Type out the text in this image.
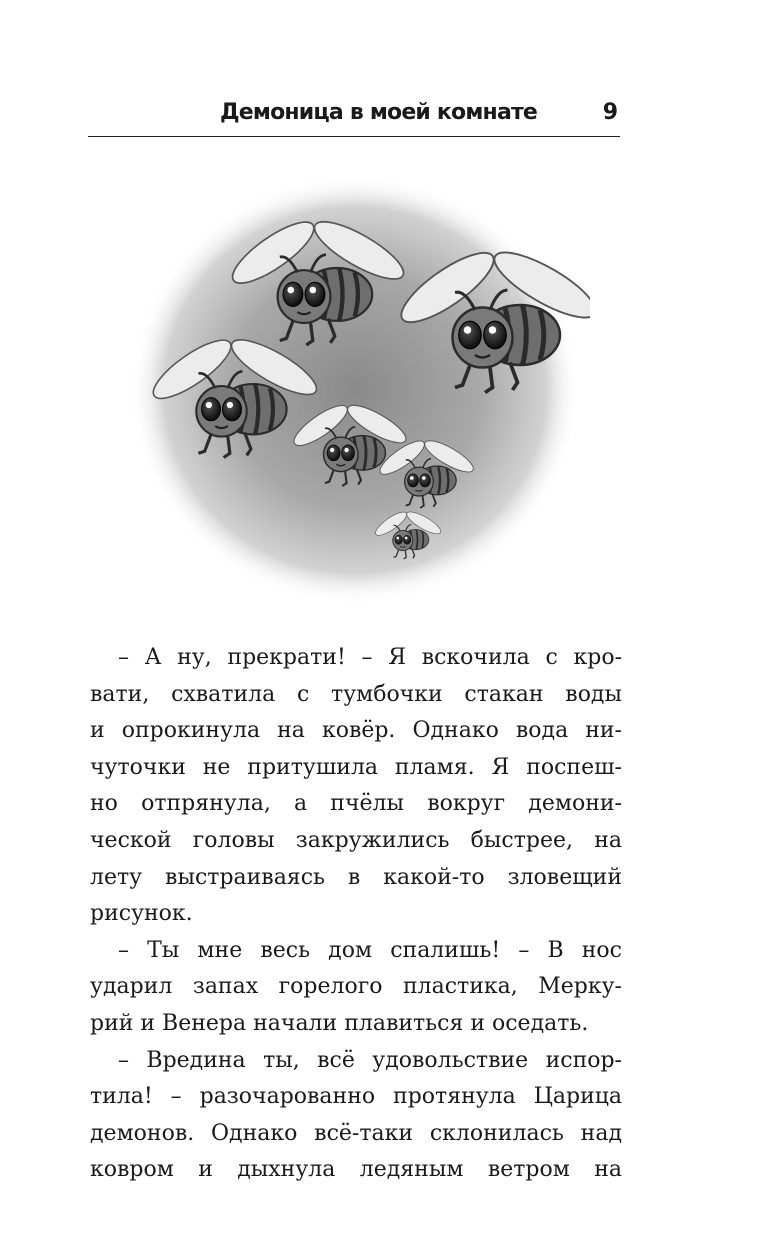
Демоница в моей комнате	9
– А ну, прекрати! – Я вскочила с кро-
вати, схватила с тумбочки стакан воды
и опрокинула на ковёр. Однако вода ни-
чуточки не притушила пламя. Я поспеш-
но отпрянула, а пчёлы вокруг демони-
ческой головы закружились быстрее, на
лету выстраиваясь в какой-то зловещий
рисунок.
– Ты мне весь дом спалишь! – В нос
ударил запах горелого пластика, Мерку-
рий и Венера начали плавиться и оседать.
– Вредина ты, всё удовольствие испор-
тила! – разочарованно протянула Царица
демонов. Однако всё-таки склонилась над
ковром и дыхнула ледяным ветром на
